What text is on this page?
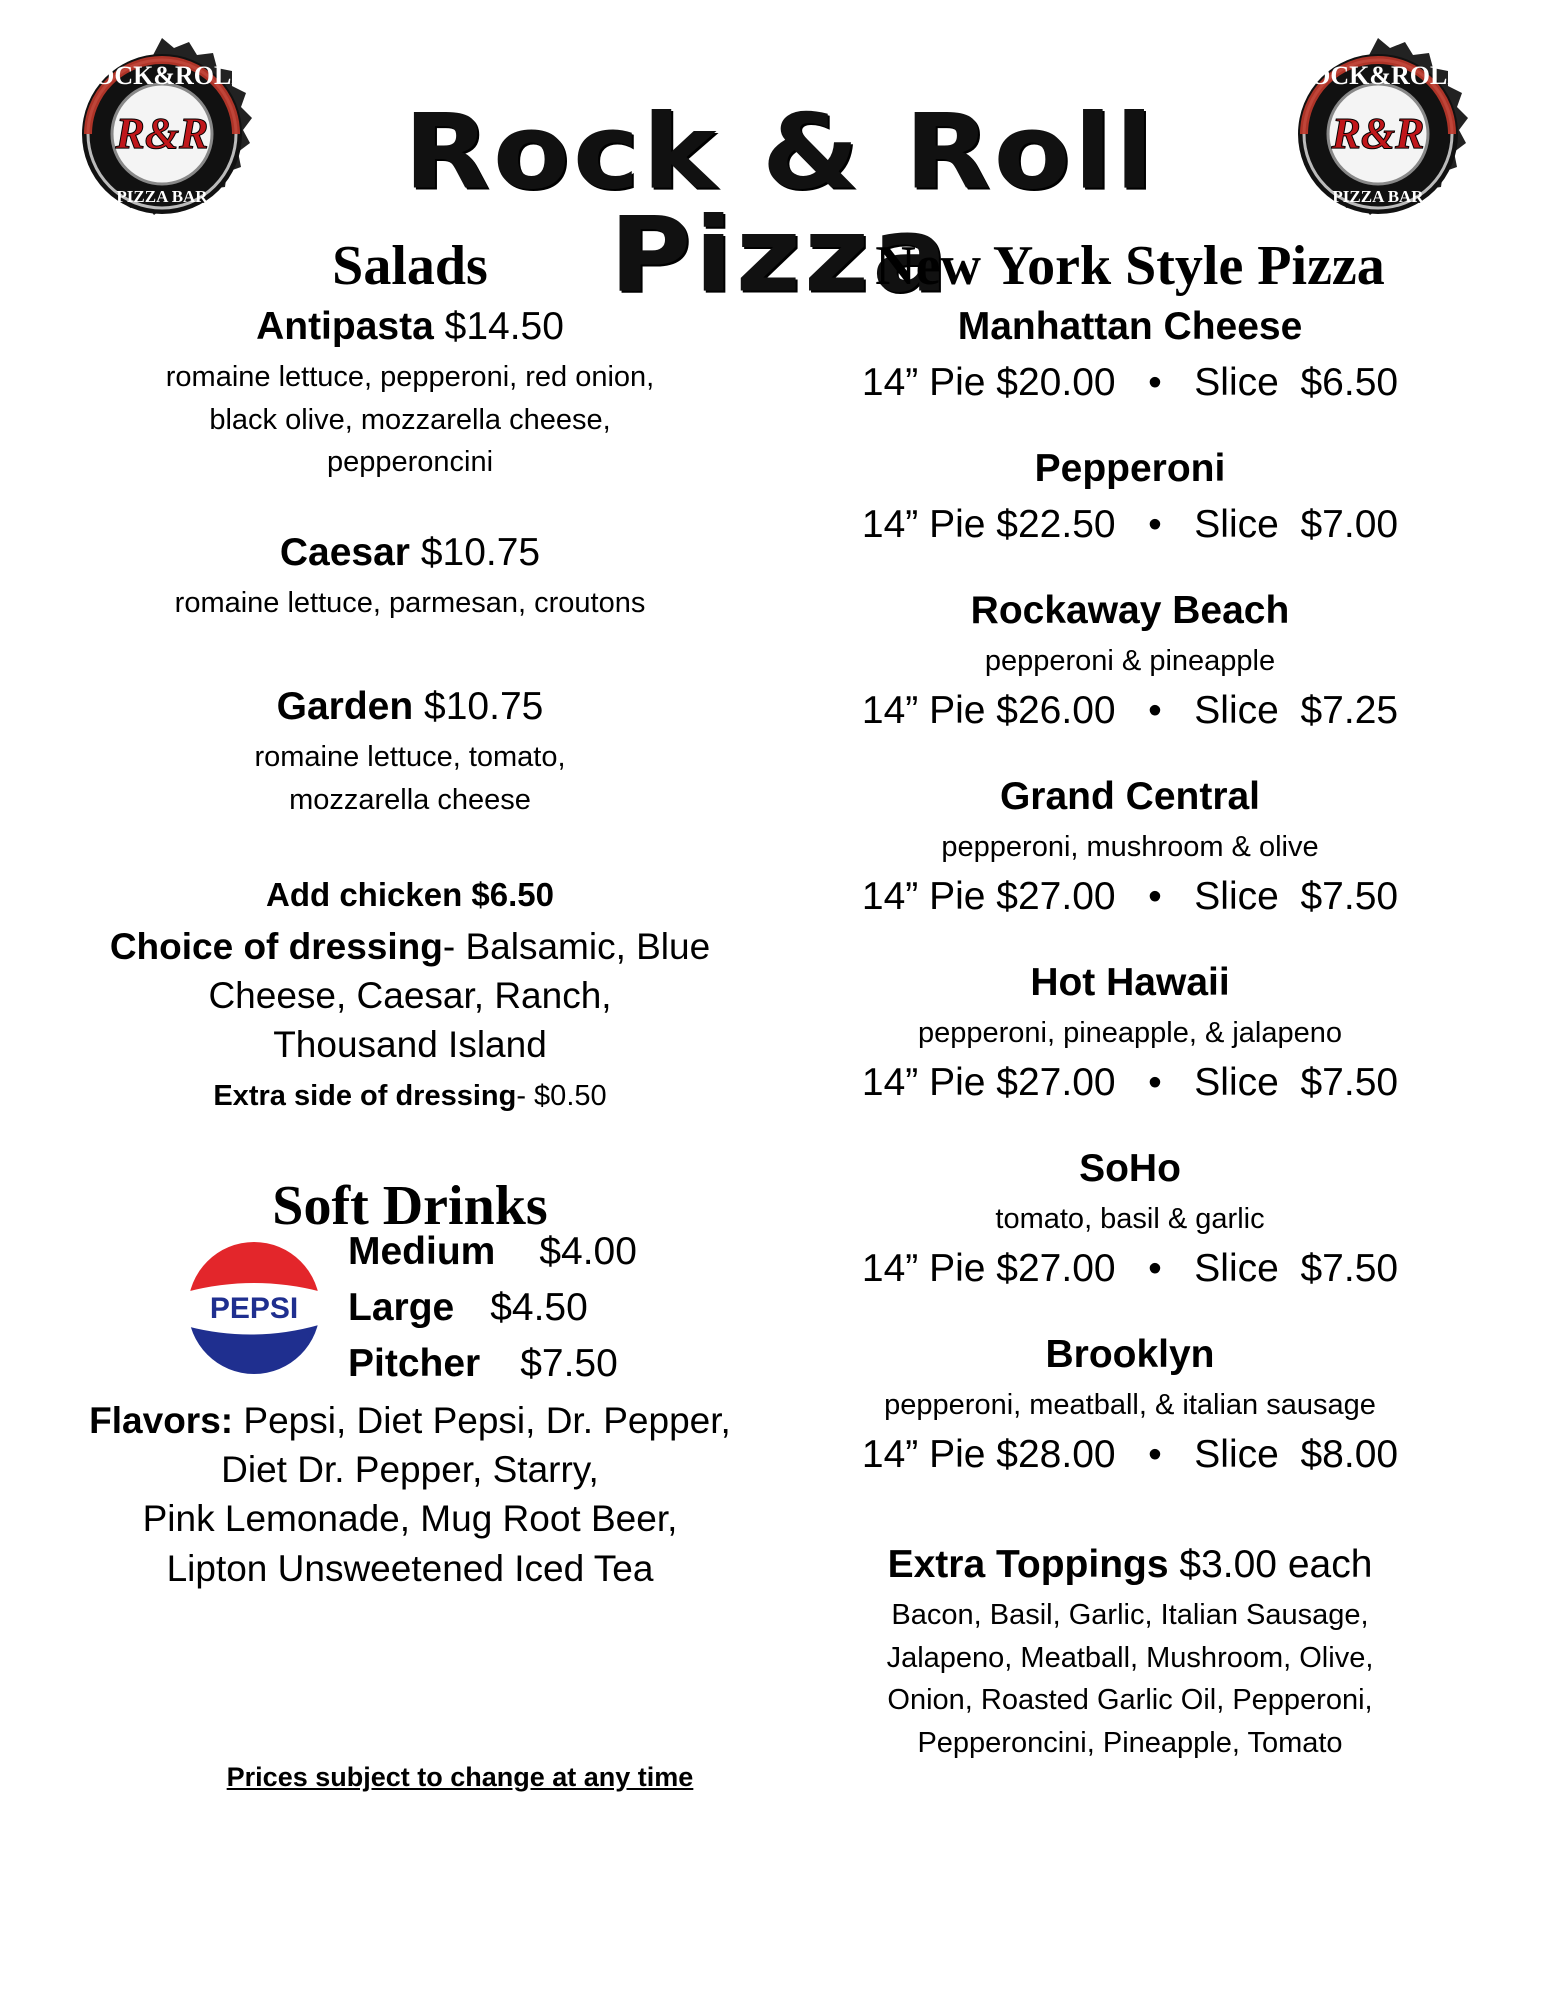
ROCK&ROLL
R&R
PIZZA BAR
ROCK&ROLL
R&R
PIZZA BAR
Rock & Roll Pizza
Salads
Antipasta $14.50
romaine lettuce, pepperoni, red onion,
black olive, mozzarella cheese,
pepperoncini
Caesar $10.75
romaine lettuce, parmesan, croutons
Garden $10.75
romaine lettuce, tomato,
mozzarella cheese
Add chicken $6.50
Choice of dressing- Balsamic, Blue
Cheese, Caesar, Ranch,
Thousand Island
Extra side of dressing- $0.50
Soft Drinks
PEPSI
Medium $4.00
Large $4.50
Pitcher $7.50
Flavors: Pepsi, Diet Pepsi, Dr. Pepper,
Diet Dr. Pepper, Starry,
Pink Lemonade, Mug Root Beer,
Lipton Unsweetened Iced Tea
Prices subject to change at any time
New York Style Pizza
Manhattan Cheese
14” Pie $20.00 • Slice  $6.50
Pepperoni
14” Pie $22.50 • Slice  $7.00
Rockaway Beach
pepperoni & pineapple
14” Pie $26.00 • Slice  $7.25
Grand Central
pepperoni, mushroom & olive
14” Pie $27.00 • Slice  $7.50
Hot Hawaii
pepperoni, pineapple, & jalapeno
14” Pie $27.00 • Slice  $7.50
SoHo
tomato, basil & garlic
14” Pie $27.00 • Slice  $7.50
Brooklyn
pepperoni, meatball, & italian sausage
14” Pie $28.00 • Slice  $8.00
Extra Toppings $3.00 each
Bacon, Basil, Garlic, Italian Sausage,
Jalapeno, Meatball, Mushroom, Olive,
Onion, Roasted Garlic Oil, Pepperoni,
Pepperoncini, Pineapple, Tomato
